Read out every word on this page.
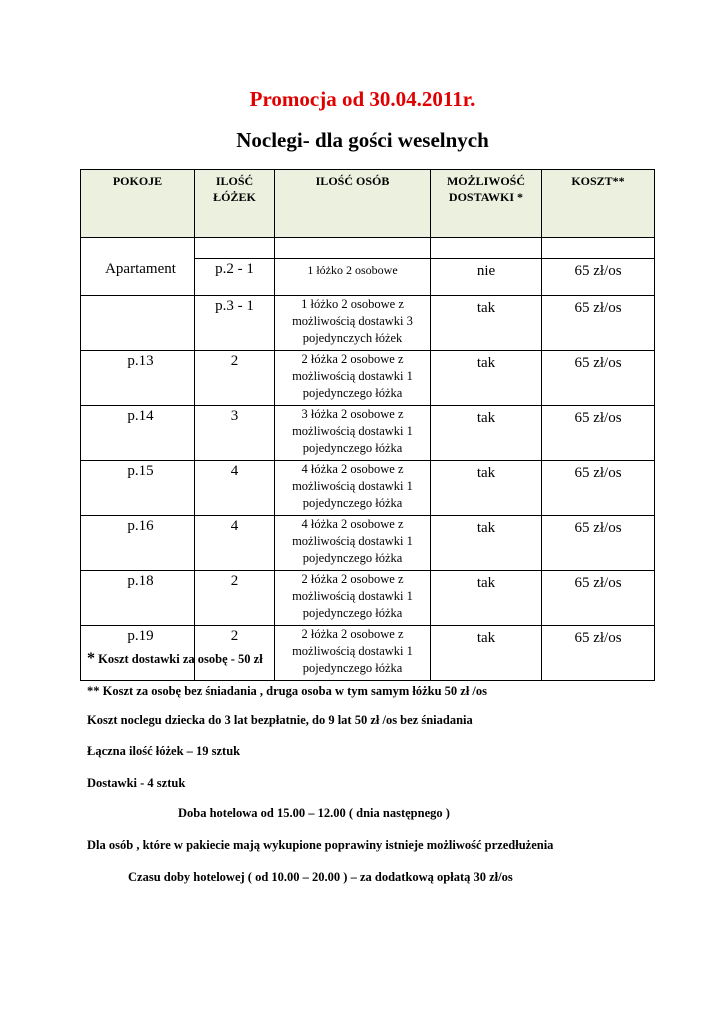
Promocja od 30.04.2011r.
Noclegi- dla gości weselnych
POKOJE	ILOŚĆ ŁÓŻEK	ILOŚĆ OSÓB	MOŻLIWOŚĆ DOSTAWKI *	KOSZT**

Apartament	p.2 - 1	1 łóżko 2 osobowe	nie	65 zł/os
	p.3 - 1	1 łóżko 2 osobowe z możliwością dostawki 3 pojedynczych łóżek	tak	65 zł/os
p.13	2	2 łóżka 2 osobowe z możliwością dostawki 1 pojedynczego łóżka	tak	65 zł/os
p.14	3	3 łóżka 2 osobowe z możliwością dostawki 1 pojedynczego łóżka	tak	65 zł/os
p.15	4	4 łóżka 2 osobowe z możliwością dostawki 1 pojedynczego łóżka	tak	65 zł/os
p.16	4	4 łóżka 2 osobowe z możliwością dostawki 1 pojedynczego łóżka	tak	65 zł/os
p.18	2	2 łóżka 2 osobowe z możliwością dostawki 1 pojedynczego łóżka	tak	65 zł/os
p.19	2	2 łóżka 2 osobowe z możliwością dostawki 1 pojedynczego łóżka	tak	65 zł/os

* Koszt dostawki za osobę - 50 zł

** Koszt za osobę bez śniadania , druga osoba w tym samym łóżku 50 zł /os

Koszt noclegu dziecka do 3 lat bezpłatnie, do 9 lat 50 zł /os bez śniadania

Łączna ilość łóżek – 19 sztuk

Dostawki - 4 sztuk

Doba hotelowa od 15.00 – 12.00 ( dnia następnego )

Dla osób , które w pakiecie mają wykupione poprawiny istnieje możliwość przedłużenia

Czasu doby hotelowej ( od 10.00 – 20.00 ) – za dodatkową opłatą 30 zł/os
